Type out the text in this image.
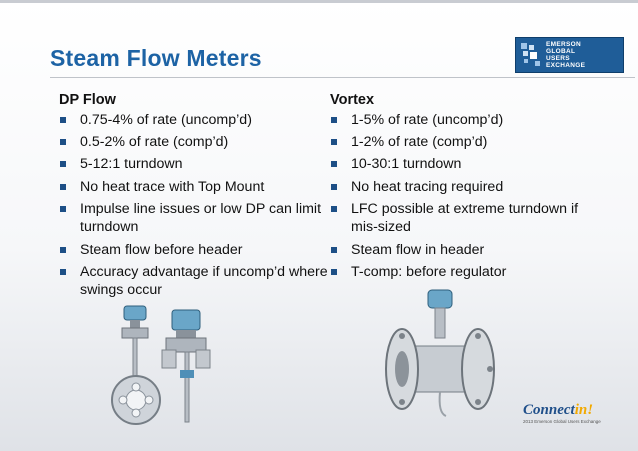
Steam Flow Meters
EMERSON
GLOBAL
USERS
EXCHANGE
DP Flow
0.75-4% of rate (uncomp’d)
0.5-2% of rate (comp’d)
5-12:1 turndown
No heat trace with Top Mount
Impulse line issues or low DP can limit turndown
Steam flow before header
Accuracy advantage if uncomp’d where swings occur
Vortex
1-5% of rate (uncomp’d)
1-2% of rate (comp’d)
10-30:1 turndown
No heat tracing required
LFC possible at extreme turndown if mis-sized
Steam flow in header
T-comp: before regulator
Connectin!
2013 Emerson Global Users Exchange
